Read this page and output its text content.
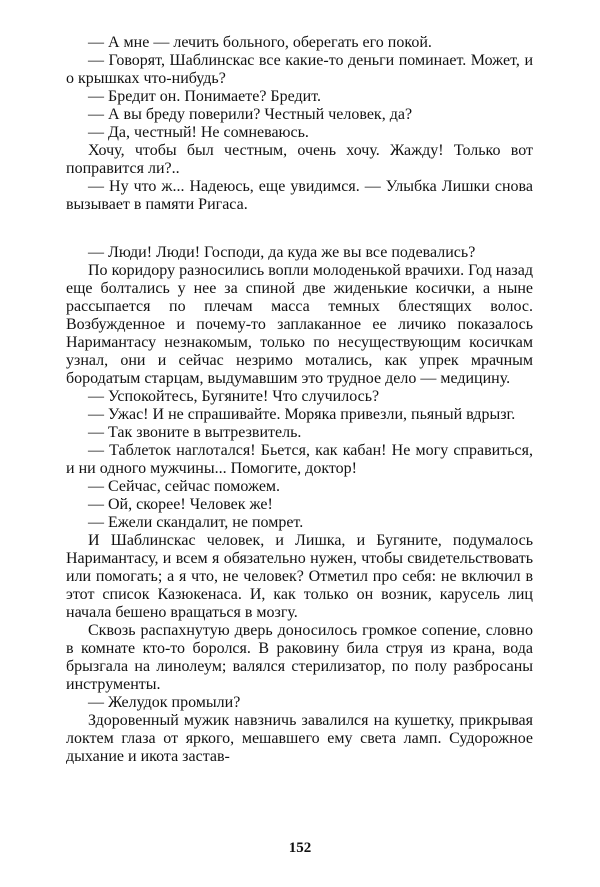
— А мне — лечить больного, оберегать его покой.

— Говорят, Шаблинскас все какие-то деньги поминает. Может, и о крышках что-нибудь?

— Бредит он. Понимаете? Бредит.

— А вы бреду поверили? Честный человек, да?

— Да, честный! Не сомневаюсь.

Хочу, чтобы был честным, очень хочу. Жажду! Только вот поправится ли?..

— Ну что ж... Надеюсь, еще увидимся. — Улыбка Лишки снова вызывает в памяти Ригаса.

— Люди! Люди! Господи, да куда же вы все подевались?

По коридору разносились вопли молоденькой врачихи. Год назад еще болтались у нее за спиной две жиденькие косички, а ныне рассыпается по плечам масса темных блестящих волос. Возбужденное и почему-то заплаканное ее личико показалось Наримантасу незнакомым, только по несуществующим косичкам узнал, они и сейчас незримо мотались, как упрек мрачным бородатым старцам, выдумавшим это трудное дело — медицину.

— Успокойтесь, Бугяните! Что случилось?

— Ужас! И не спрашивайте. Моряка привезли, пьяный вдрызг.

— Так звоните в вытрезвитель.

— Таблеток наглотался! Бьется, как кабан! Не могу справиться, и ни одного мужчины... Помогите, доктор!

— Сейчас, сейчас поможем.

— Ой, скорее! Человек же!

— Ежели скандалит, не помрет.

И Шаблинскас человек, и Лишка, и Бугяните, подумалось Наримантасу, и всем я обязательно нужен, чтобы свидетельствовать или помогать; а я что, не человек? Отметил про себя: не включил в этот список Казюкенаса. И, как только он возник, карусель лиц начала бешено вращаться в мозгу.

Сквозь распахнутую дверь доносилось громкое сопение, словно в комнате кто-то боролся. В раковину била струя из крана, вода брызгала на линолеум; валялся стерилизатор, по полу разбросаны инструменты.

— Желудок промыли?

Здоровенный мужик навзничь завалился на кушетку, прикрывая локтем глаза от яркого, мешавшего ему света ламп. Судорожное дыхание и икота застав-

152
